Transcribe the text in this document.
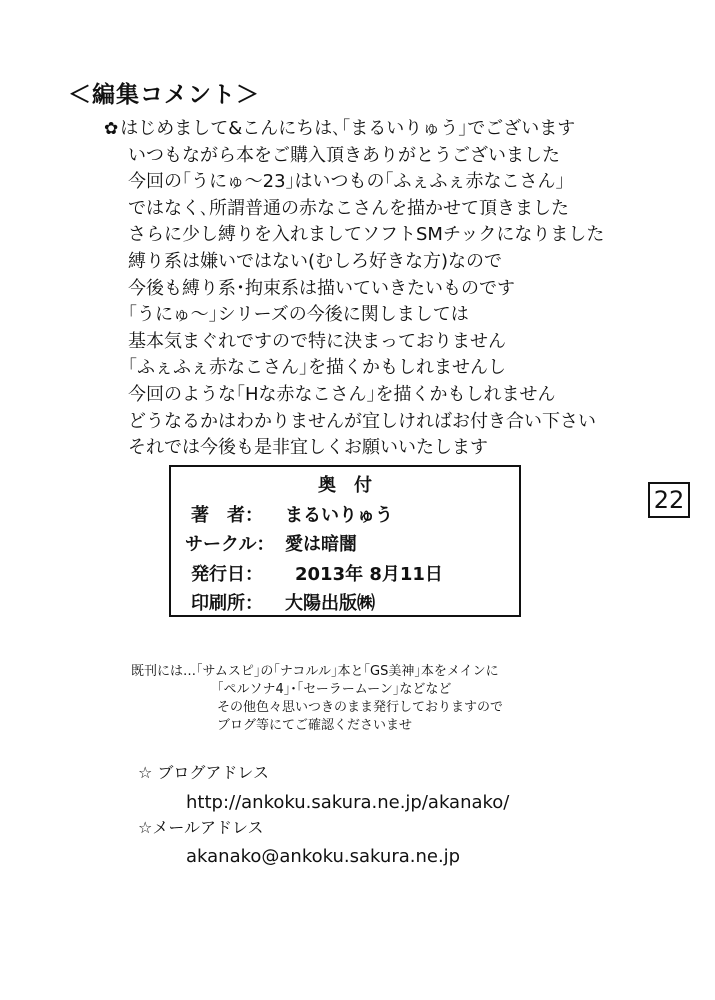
＜編集コメント＞
✿ はじめまして&こんにちは､｢まるいりゅう｣でございます
いつもながら本をご購入頂きありがとうございました
今回の｢うにゅ〜23｣はいつもの｢ふぇふぇ赤なこさん｣
ではなく､所謂普通の赤なこさんを描かせて頂きました
さらに少し縛りを入れましてソフトSMチックになりました
縛り系は嫌いではない(むしろ好きな方)なので
今後も縛り系･拘束系は描いていきたいものです
｢うにゅ〜｣シリーズの今後に関しましては
基本気まぐれですので特に決まっておりません
｢ふぇふぇ赤なこさん｣を描くかもしれませんし
今回のような｢Hな赤なこさん｣を描くかもしれません
どうなるかはわかりませんが宜しければお付き合い下さい
それでは今後も是非宜しくお願いいたします
奥　付
著　者： まるいりゅう
サークル： 愛は暗闇
発行日： 2013年 8月11日
印刷所： 大陽出版㈱
22
既刊には…｢サムスピ｣の｢ナコルル｣本と｢GS美神｣本をメインに
｢ペルソナ4｣･｢セーラームーン｣などなど
その他色々思いつきのまま発行しておりますので
ブログ等にてご確認くださいませ
☆ ブログアドレス
http://ankoku.sakura.ne.jp/akanako/
☆メールアドレス
akanako@ankoku.sakura.ne.jp
